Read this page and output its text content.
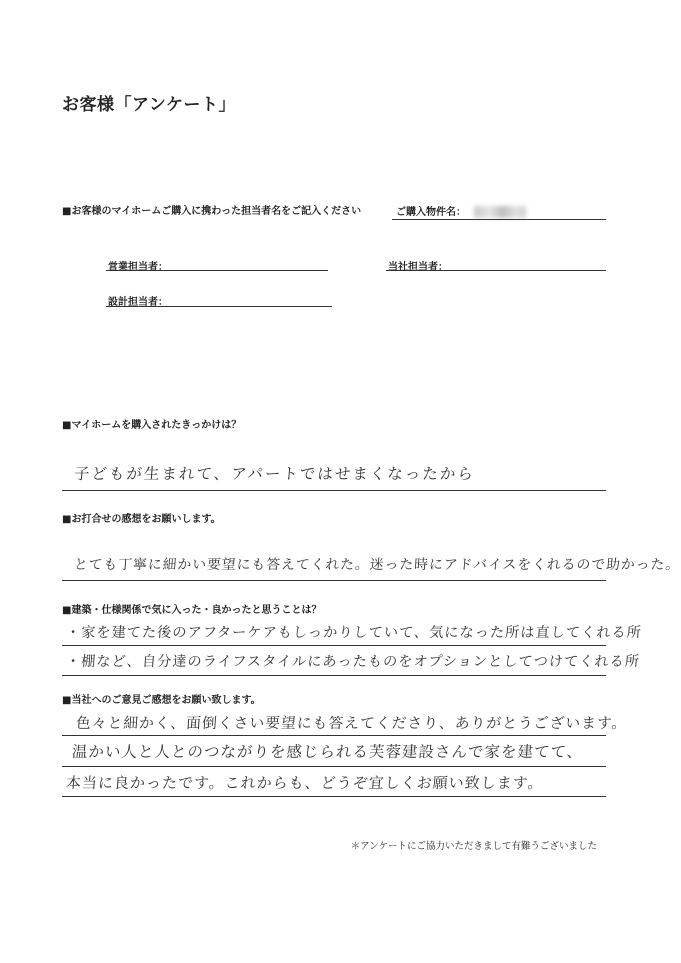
お客様「アンケート」
■お客様のマイホームご購入に携わった担当者名をご記入ください	ご購入物件名：
営業担当者：	当社担当者：
設計担当者：
■マイホームを購入されたきっかけは？
子どもが生まれて、アパートではせまくなったから
■お打合せの感想をお願いします。
とても丁寧に細かい要望にも答えてくれた。迷った時にアドバイスをくれるので助かった。
■建築・仕様関係で気に入った・良かったと思うことは？
・家を建てた後のアフターケアもしっかりしていて、気になった所は直してくれる所
・棚など、自分達のライフスタイルにあったものをオプションとしてつけてくれる所
■当社へのご意見ご感想をお願い致します。
色々と細かく、面倒くさい要望にも答えてくださり、ありがとうございます。
温かい人と人とのつながりを感じられる芙蓉建設さんで家を建てて、
本当に良かったです。これからも、どうぞ宜しくお願い致します。
＊アンケートにご協力いただきまして有難うございました
